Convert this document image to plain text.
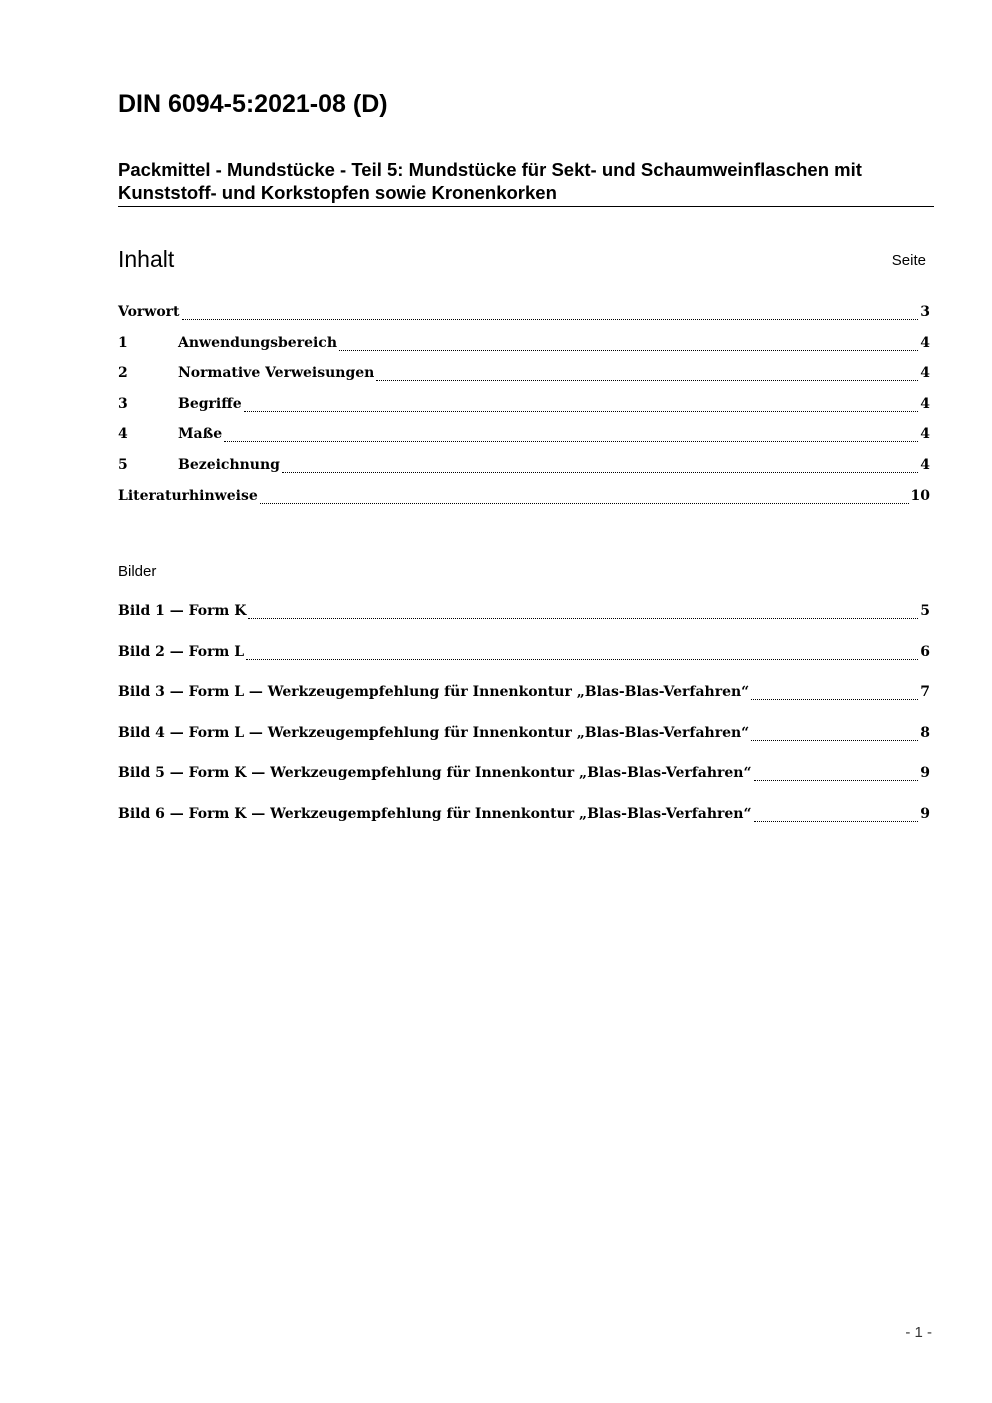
DIN 6094-5:2021-08 (D)
Packmittel - Mundstücke - Teil 5: Mundstücke für Sekt- und Schaumweinflaschen mit Kunststoff- und Korkstopfen sowie Kronenkorken
Inhalt	Seite
Vorwort	3
1	Anwendungsbereich	4
2	Normative Verweisungen	4
3	Begriffe	4
4	Maße	4
5	Bezeichnung	4
Literaturhinweise	10
Bilder
Bild 1 — Form K	5
Bild 2 — Form L	6
Bild 3 — Form L — Werkzeugempfehlung für Innenkontur „Blas-Blas-Verfahren“	7
Bild 4 — Form L — Werkzeugempfehlung für Innenkontur „Blas-Blas-Verfahren“	8
Bild 5 — Form K — Werkzeugempfehlung für Innenkontur „Blas-Blas-Verfahren“	9
Bild 6 — Form K — Werkzeugempfehlung für Innenkontur „Blas-Blas-Verfahren“	9
- 1 -
